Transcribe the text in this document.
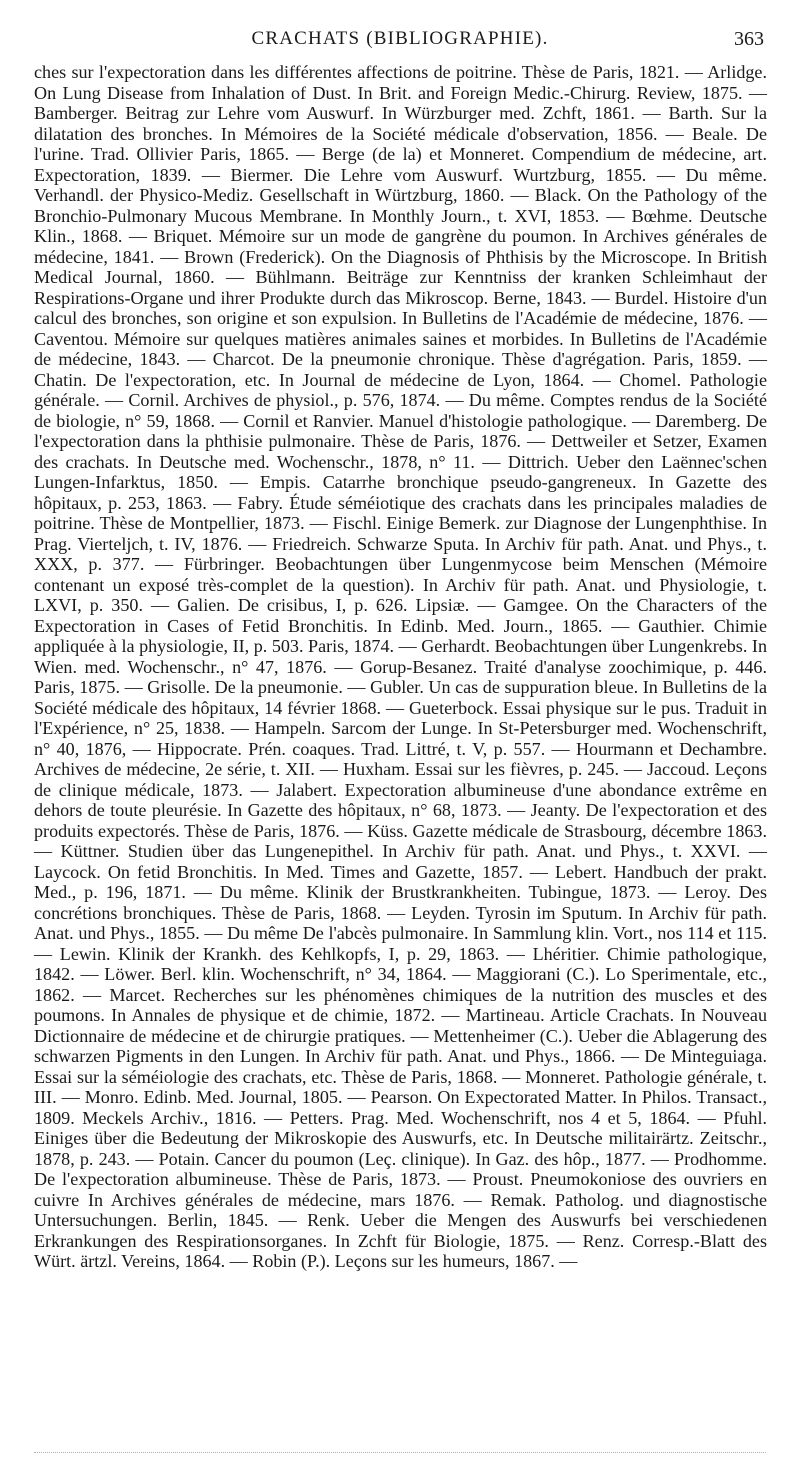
CRACHATS (BIBLIOGRAPHIE).	363
ches sur l'expectoration dans les différentes affections de poitrine. Thèse de Paris, 1821. — Arlidge. On Lung Disease from Inhalation of Dust. In Brit. and Foreign Medic.-Chirurg. Review, 1875. — Bamberger. Beitrag zur Lehre vom Auswurf. In Würzburger med. Zchft, 1861. — Barth. Sur la dilatation des bronches. In Mémoires de la Société médicale d'observation, 1856. — Beale. De l'urine. Trad. Ollivier Paris, 1865. — Berge (de la) et Monneret. Compendium de médecine, art. Expectoration, 1839. — Biermer. Die Lehre vom Auswurf. Wurtzburg, 1855. — Du même. Verhandl. der Physico-Mediz. Gesellschaft in Würtzburg, 1860. — Black. On the Pathology of the Bronchio-Pulmonary Mucous Membrane. In Monthly Journ., t. XVI, 1853. — Bœhme. Deutsche Klin., 1868. — Briquet. Mémoire sur un mode de gangrène du poumon. In Archives générales de médecine, 1841. — Brown (Frederick). On the Diagnosis of Phthisis by the Microscope. In British Medical Journal, 1860. — Bühlmann. Beiträge zur Kenntniss der kranken Schleimhaut der Respirations-Organe und ihrer Produkte durch das Mikroscop. Berne, 1843. — Burdel. Histoire d'un calcul des bronches, son origine et son expulsion. In Bulletins de l'Académie de médecine, 1876. — Caventou. Mémoire sur quelques matières animales saines et morbides. In Bulletins de l'Académie de médecine, 1843. — Charcot. De la pneumonie chronique. Thèse d'agrégation. Paris, 1859. — Chatin. De l'expectoration, etc. In Journal de médecine de Lyon, 1864. — Chomel. Pathologie générale. — Cornil. Archives de physiol., p. 576, 1874. — Du même. Comptes rendus de la Société de biologie, n° 59, 1868. — Cornil et Ranvier. Manuel d'histologie pathologique. — Daremberg. De l'expectoration dans la phthisie pulmonaire. Thèse de Paris, 1876. — Dettweiler et Setzer, Examen des crachats. In Deutsche med. Wochenschr., 1878, n° 11. — Dittrich. Ueber den Laënnec'schen Lungen-Infarktus, 1850. — Empis. Catarrhe bronchique pseudo-gangreneux. In Gazette des hôpitaux, p. 253, 1863. — Fabry. Étude séméiotique des crachats dans les principales maladies de poitrine. Thèse de Montpellier, 1873. — Fischl. Einige Bemerk. zur Diagnose der Lungenphthise. In Prag. Vierteljch, t. IV, 1876. — Friedreich. Schwarze Sputa. In Archiv für path. Anat. und Phys., t. XXX, p. 377. — Fürbringer. Beobachtungen über Lungenmycose beim Menschen (Mémoire contenant un exposé très-complet de la question). In Archiv für path. Anat. und Physiologie, t. LXVI, p. 350. — Galien. De crisibus, I, p. 626. Lipsiæ. — Gamgee. On the Characters of the Expectoration in Cases of Fetid Bronchitis. In Edinb. Med. Journ., 1865. — Gauthier. Chimie appliquée à la physiologie, II, p. 503. Paris, 1874. — Gerhardt. Beobachtungen über Lungenkrebs. In Wien. med. Wochenschr., n° 47, 1876. — Gorup-Besanez. Traité d'analyse zoochimique, p. 446. Paris, 1875. — Grisolle. De la pneumonie. — Gubler. Un cas de suppuration bleue. In Bulletins de la Société médicale des hôpitaux, 14 février 1868. — Gueterbock. Essai physique sur le pus. Traduit in l'Expérience, n° 25, 1838. — Hampeln. Sarcom der Lunge. In St-Petersburger med. Wochenschrift, n° 40, 1876, — Hippocrate. Prén. coaques. Trad. Littré, t. V, p. 557. — Hourmann et Dechambre. Archives de médecine, 2e série, t. XII. — Huxham. Essai sur les fièvres, p. 245. — Jaccoud. Leçons de clinique médicale, 1873. — Jalabert. Expectoration albumineuse d'une abondance extrême en dehors de toute pleurésie. In Gazette des hôpitaux, n° 68, 1873. — Jeanty. De l'expectoration et des produits expectorés. Thèse de Paris, 1876. — Küss. Gazette médicale de Strasbourg, décembre 1863. — Küttner. Studien über das Lungenepithel. In Archiv für path. Anat. und Phys., t. XXVI. — Laycock. On fetid Bronchitis. In Med. Times and Gazette, 1857. — Lebert. Handbuch der prakt. Med., p. 196, 1871. — Du même. Klinik der Brustkrankheiten. Tubingue, 1873. — Leroy. Des concrétions bronchiques. Thèse de Paris, 1868. — Leyden. Tyrosin im Sputum. In Archiv für path. Anat. und Phys., 1855. — Du même De l'abcès pulmonaire. In Sammlung klin. Vort., nos 114 et 115. — Lewin. Klinik der Krankh. des Kehlkopfs, I, p. 29, 1863. — Lhéritier. Chimie pathologique, 1842. — Löwer. Berl. klin. Wochenschrift, n° 34, 1864. — Maggiorani (C.). Lo Sperimentale, etc., 1862. — Marcet. Recherches sur les phénomènes chimiques de la nutrition des muscles et des poumons. In Annales de physique et de chimie, 1872. — Martineau. Article Crachats. In Nouveau Dictionnaire de médecine et de chirurgie pratiques. — Mettenheimer (C.). Ueber die Ablagerung des schwarzen Pigments in den Lungen. In Archiv für path. Anat. und Phys., 1866. — De Minteguiaga. Essai sur la séméiologie des crachats, etc. Thèse de Paris, 1868. — Monneret. Pathologie générale, t. III. — Monro. Edinb. Med. Journal, 1805. — Pearson. On Expectorated Matter. In Philos. Transact., 1809. Meckels Archiv., 1816. — Petters. Prag. Med. Wochenschrift, nos 4 et 5, 1864. — Pfuhl. Einiges über die Bedeutung der Mikroskopie des Auswurfs, etc. In Deutsche militairärtz. Zeitschr., 1878, p. 243. — Potain. Cancer du poumon (Leç. clinique). In Gaz. des hôp., 1877. — Prodhomme. De l'expectoration albumineuse. Thèse de Paris, 1873. — Proust. Pneumokoniose des ouvriers en cuivre In Archives générales de médecine, mars 1876. — Remak. Patholog. und diagnostische Untersuchungen. Berlin, 1845. — Renk. Ueber die Mengen des Auswurfs bei verschiedenen Erkrankungen des Respirationsorganes. In Zchft für Biologie, 1875. — Renz. Corresp.-Blatt des Würt. ärtzl. Vereins, 1864. — Robin (P.). Leçons sur les humeurs, 1867. —
